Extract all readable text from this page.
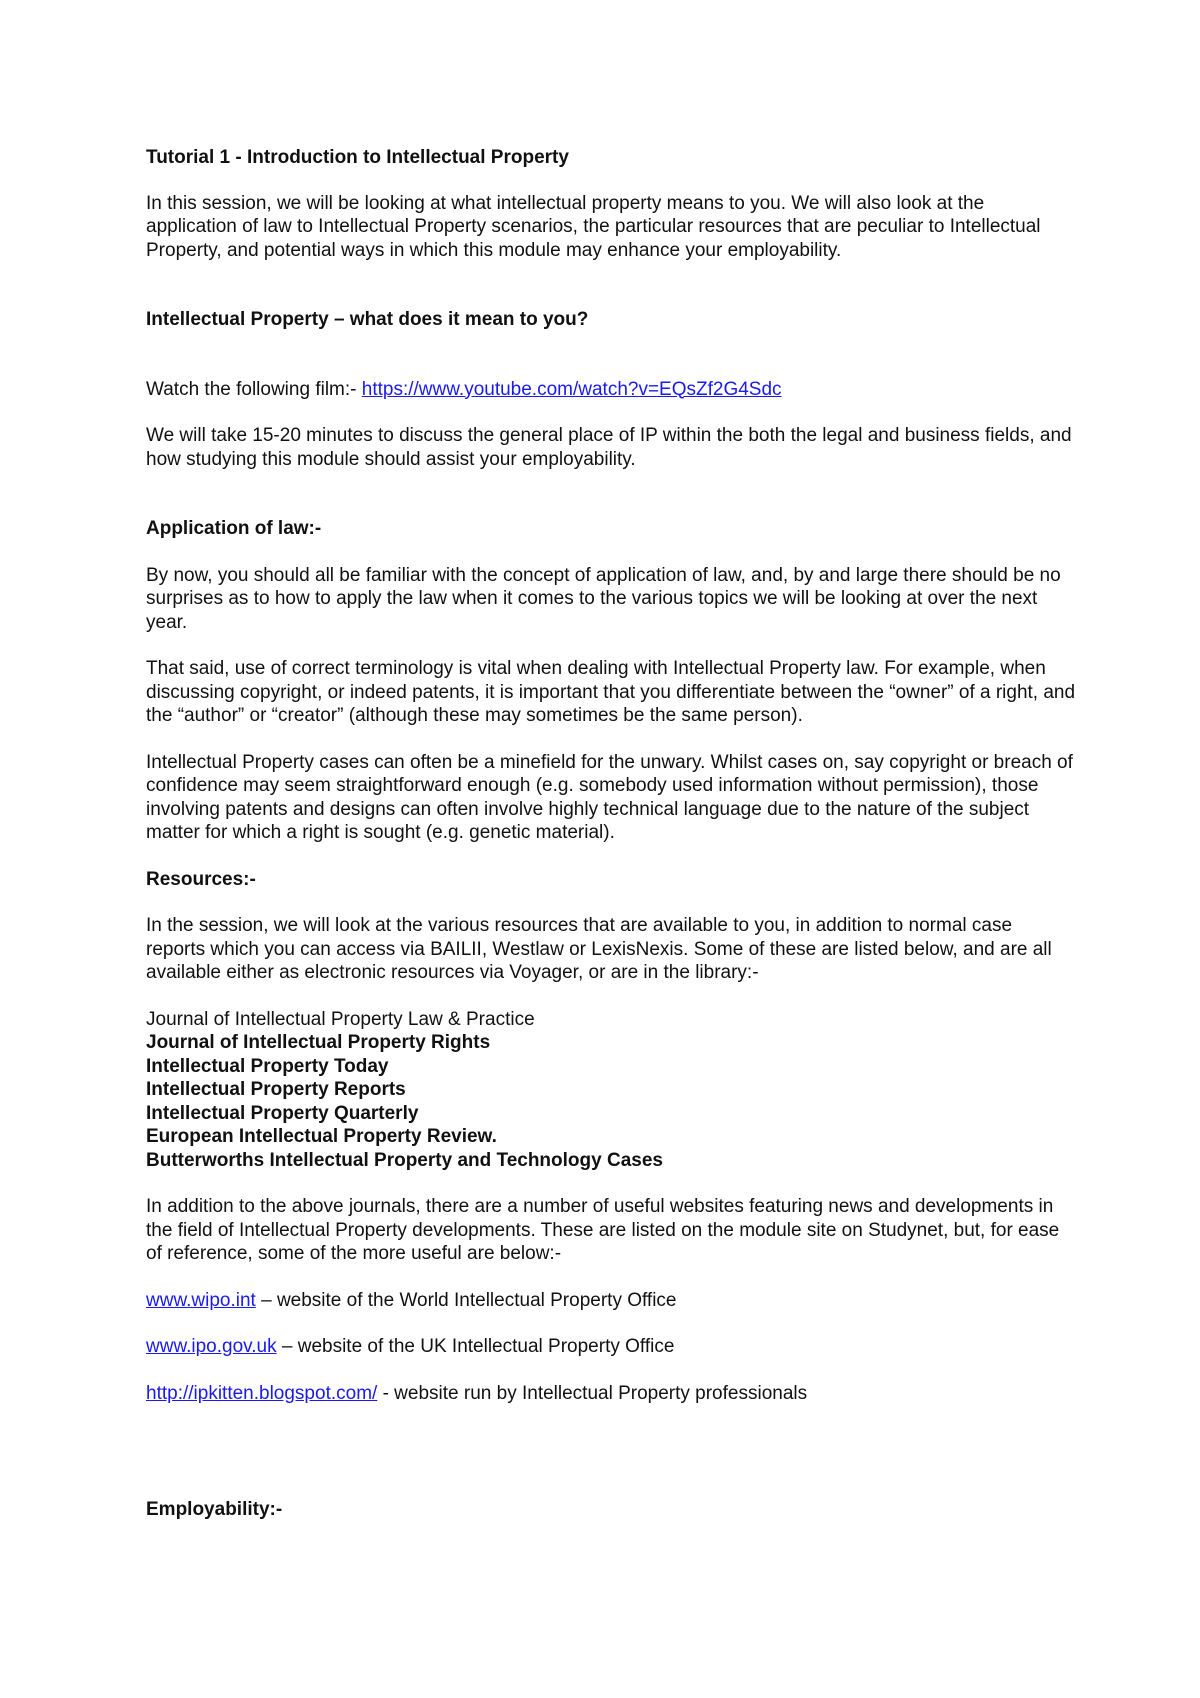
Tutorial 1 - Introduction to Intellectual Property

In this session, we will be looking at what intellectual property means to you. We will also look at the application of law to Intellectual Property scenarios, the particular resources that are peculiar to Intellectual Property, and potential ways in which this module may enhance your employability.

Intellectual Property – what does it mean to you?

Watch the following film:- https://www.youtube.com/watch?v=EQsZf2G4Sdc

We will take 15-20 minutes to discuss the general place of IP within the both the legal and business fields, and how studying this module should assist your employability.

Application of law:-

By now, you should all be familiar with the concept of application of law, and, by and large there should be no surprises as to how to apply the law when it comes to the various topics we will be looking at over the next year.

That said, use of correct terminology is vital when dealing with Intellectual Property law. For example, when discussing copyright, or indeed patents, it is important that you differentiate between the “owner” of a right, and the “author” or “creator” (although these may sometimes be the same person).

Intellectual Property cases can often be a minefield for the unwary. Whilst cases on, say copyright or breach of confidence may seem straightforward enough (e.g. somebody used information without permission), those involving patents and designs can often involve highly technical language due to the nature of the subject matter for which a right is sought (e.g. genetic material).

Resources:-

In the session, we will look at the various resources that are available to you, in addition to normal case reports which you can access via BAILII, Westlaw or LexisNexis. Some of these are listed below, and are all available either as electronic resources via Voyager, or are in the library:-

Journal of Intellectual Property Law & Practice

Journal of Intellectual Property Rights

Intellectual Property Today

Intellectual Property Reports

Intellectual Property Quarterly

European Intellectual Property Review.

Butterworths Intellectual Property and Technology Cases

In addition to the above journals, there are a number of useful websites featuring news and developments in the field of Intellectual Property developments. These are listed on the module site on Studynet, but, for ease of reference, some of the more useful are below:-

www.wipo.int – website of the World Intellectual Property Office

www.ipo.gov.uk – website of the UK Intellectual Property Office

http://ipkitten.blogspot.com/ - website run by Intellectual Property professionals

Employability:-
